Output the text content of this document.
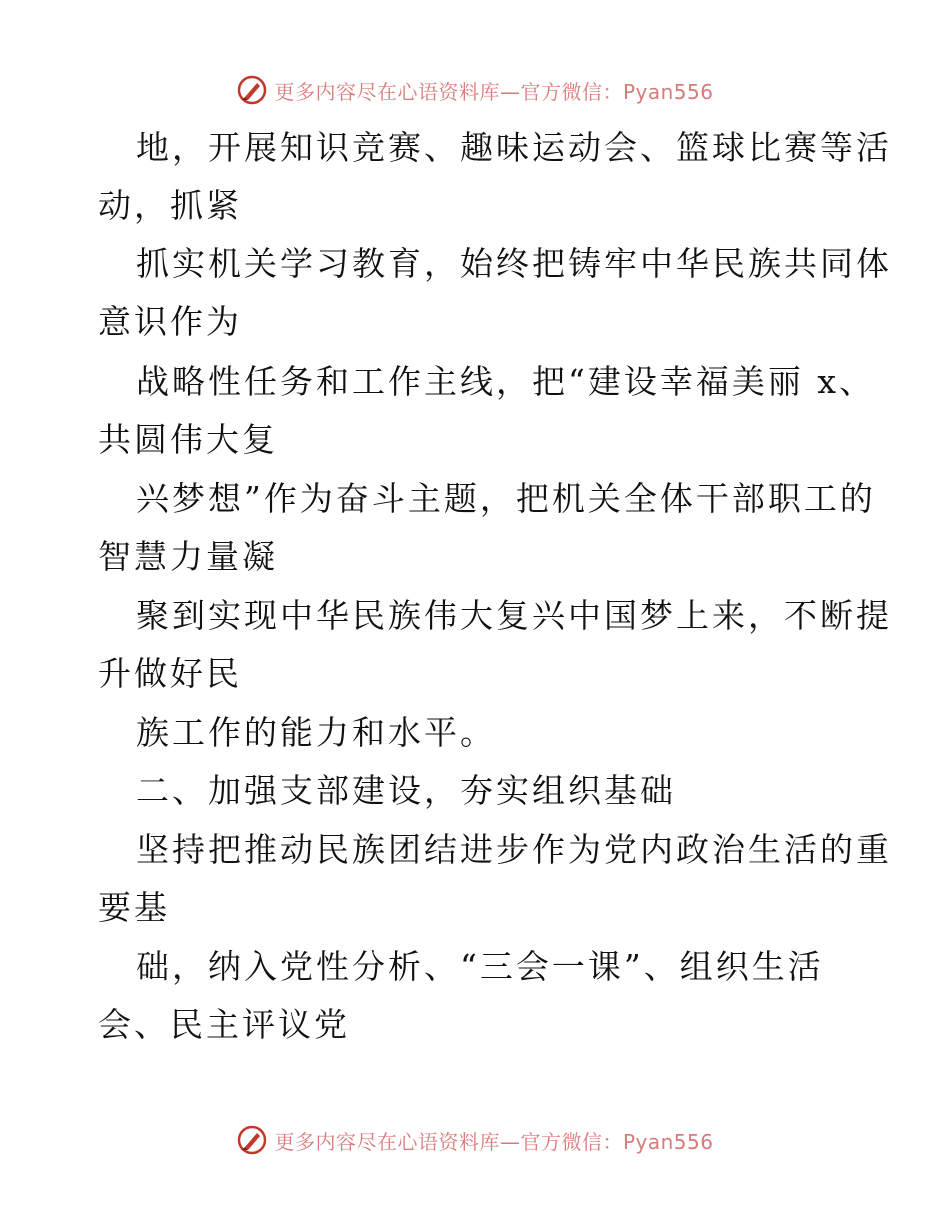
更多内容尽在心语资料库—官方微信：Pyan556
地，开展知识竞赛、趣味运动会、篮球比赛等活
动，抓紧
抓实机关学习教育，始终把铸牢中华民族共同体
意识作为
战略性任务和工作主线，把“建设幸福美丽 x、
共圆伟大复
兴梦想”作为奋斗主题，把机关全体干部职工的
智慧力量凝
聚到实现中华民族伟大复兴中国梦上来，不断提
升做好民
族工作的能力和水平。
二、加强支部建设，夯实组织基础
坚持把推动民族团结进步作为党内政治生活的重
要基
础，纳入党性分析、“三会一课”、组织生活
会、民主评议党
更多内容尽在心语资料库—官方微信：Pyan556
